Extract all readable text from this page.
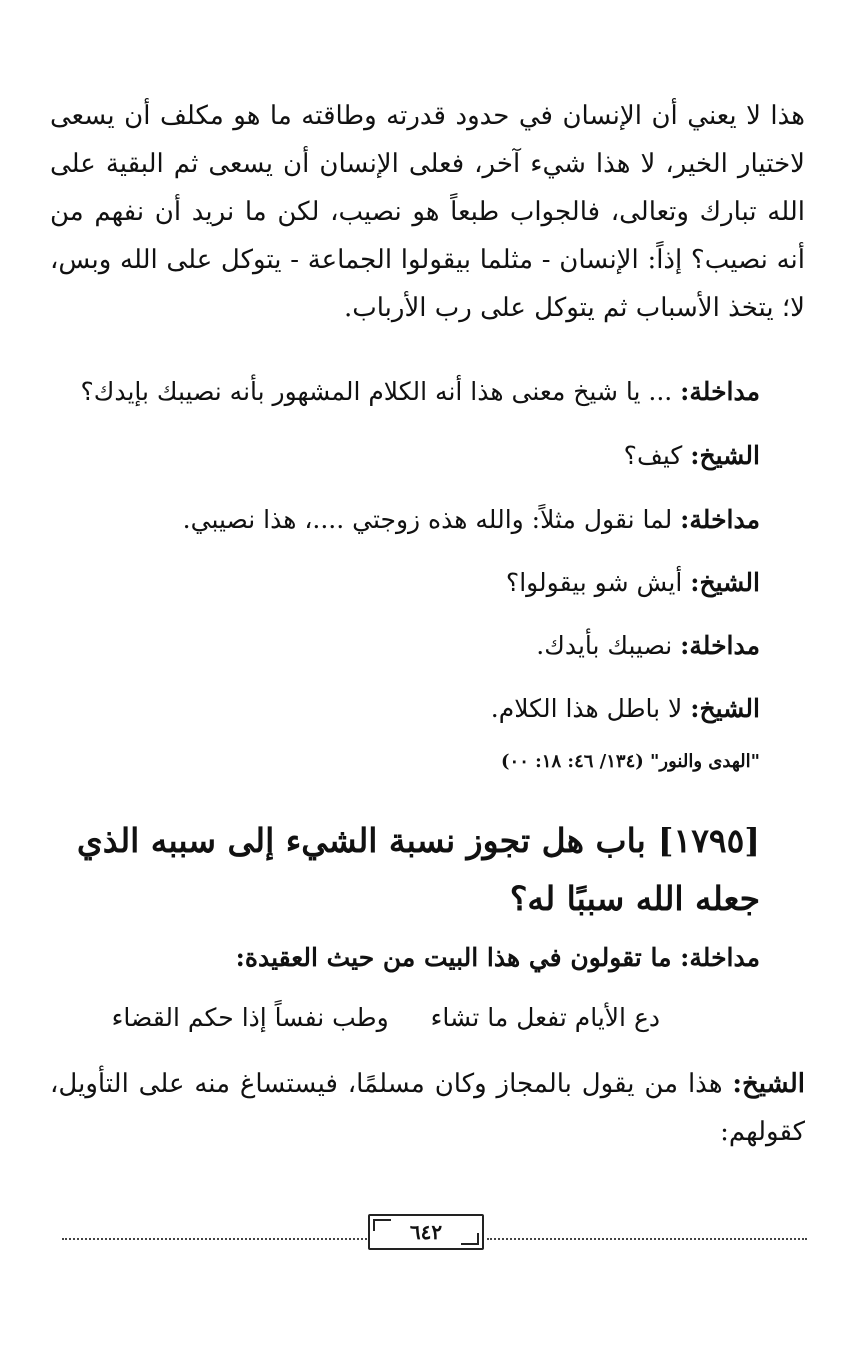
هذا لا يعني أن الإنسان في حدود قدرته وطاقته ما هو مكلف أن يسعى لاختيار الخير، لا هذا شيء آخر، فعلى الإنسان أن يسعى ثم البقية على الله تبارك وتعالى، فالجواب طبعاً هو نصيب، لكن ما نريد أن نفهم من أنه نصيب؟ إذاً: الإنسان - مثلما بيقولوا الجماعة - يتوكل على الله وبس، لا؛ يتخذ الأسباب ثم يتوكل على رب الأرباب.

مداخلة: ... يا شيخ معنى هذا أنه الكلام المشهور بأنه نصيبك بإيدك؟

الشيخ: كيف؟

مداخلة: لما نقول مثلاً: والله هذه زوجتي ....، هذا نصيبي.

الشيخ: أيش شو بيقولوا؟

مداخلة: نصيبك بأيدك.

الشيخ: لا باطل هذا الكلام.

"الهدى والنور" (١٣٤/ ٤٦: ١٨: ٠٠)
[١٧٩٥]باب هل تجوز نسبة الشيء إلى سببه الذي جعله الله سببًا له؟

مداخلة: ما تقولون في هذا البيت من حيث العقيدة:

دع الأيام تفعل ما تشاءوطب نفساً إذا حكم القضاء

الشيخ: هذا من يقول بالمجاز وكان مسلمًا، فيستساغ منه على التأويل، كقولهم:

٦٤٢
